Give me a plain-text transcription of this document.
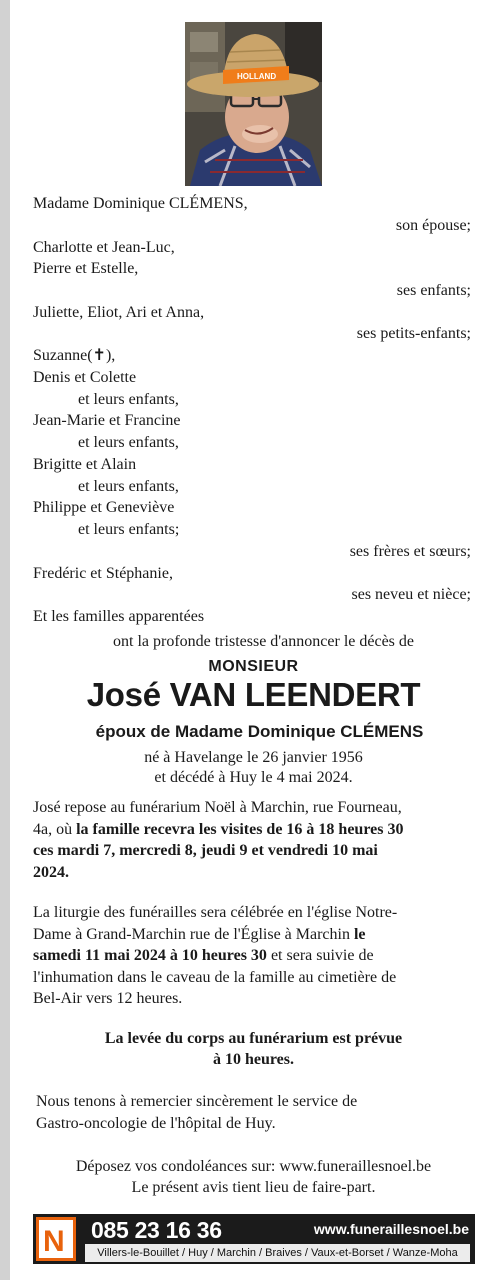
HOLLAND
Madame Dominique CLÉMENS,
son épouse;
Charlotte et Jean-Luc,
Pierre et Estelle,
ses enfants;
Juliette, Eliot, Ari et Anna,
ses petits-enfants;
Suzanne(✝),
Denis et Colette
et leurs enfants,
Jean-Marie et Francine
et leurs enfants,
Brigitte et Alain
et leurs enfants,
Philippe et Geneviève
et leurs enfants;
ses frères et sœurs;
Fredéric et Stéphanie,
ses neveu et nièce;
Et les familles apparentées
ont la profonde tristesse d'annoncer le décès de
MONSIEUR
José VAN LEENDERT
époux de Madame Dominique CLÉMENS
né à Havelange le 26 janvier 1956
et décédé à Huy le 4 mai 2024.
José repose au funérarium Noël à Marchin, rue Fourneau,
4a, où la famille recevra les visites de 16 à 18 heures 30
ces mardi 7, mercredi 8, jeudi 9 et vendredi 10 mai
2024.
La liturgie des funérailles sera célébrée en l'église Notre-
Dame à Grand-Marchin rue de l'Église à Marchin le
samedi 11 mai 2024 à 10 heures 30 et sera suivie de
l'inhumation dans le caveau de la famille au cimetière de
Bel-Air vers 12 heures.
La levée du corps au funérarium est prévue
à 10 heures.
Nous tenons à remercier sincèrement le service de
Gastro-oncologie de l'hôpital de Huy.
Déposez vos condoléances sur: www.funeraillesnoel.be
Le présent avis tient lieu de faire-part.
N 085 23 16 36	www.funeraillesnoel.be
Villers-le-Bouillet / Huy / Marchin / Braives / Vaux-et-Borset / Wanze-Moha
